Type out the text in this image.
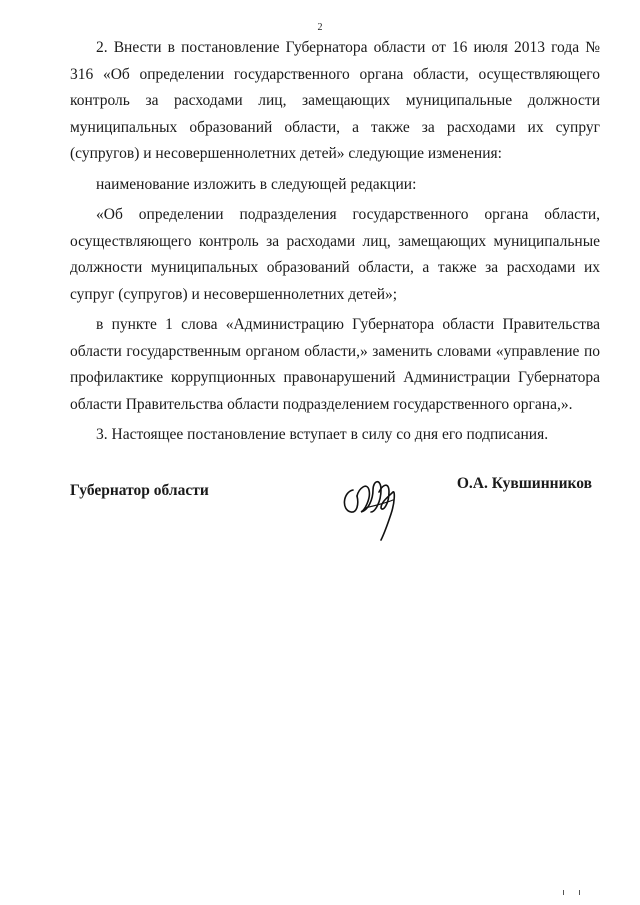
2

2. Внести в постановление Губернатора области от 16 июля 2013 года № 316 «Об определении государственного органа области, осуществляющего контроль за расходами лиц, замещающих муниципальные должности муниципальных образований области, а также за расходами их супруг (супругов) и несовершеннолетних детей» следующие изменения:

наименование изложить в следующей редакции:

«Об определении подразделения государственного органа области, осуществляющего контроль за расходами лиц, замещающих муниципальные должности муниципальных образований области, а также за расходами их супруг (супругов) и несовершеннолетних детей»;

в пункте 1 слова «Администрацию Губернатора области Правительства области государственным органом области,» заменить словами «управление по профилактике коррупционных правонарушений Администрации Губернатора области Правительства области подразделением государственного органа,».

3. Настоящее постановление вступает в силу со дня его подписания.

Губернатор области	О.А. Кувшинников
